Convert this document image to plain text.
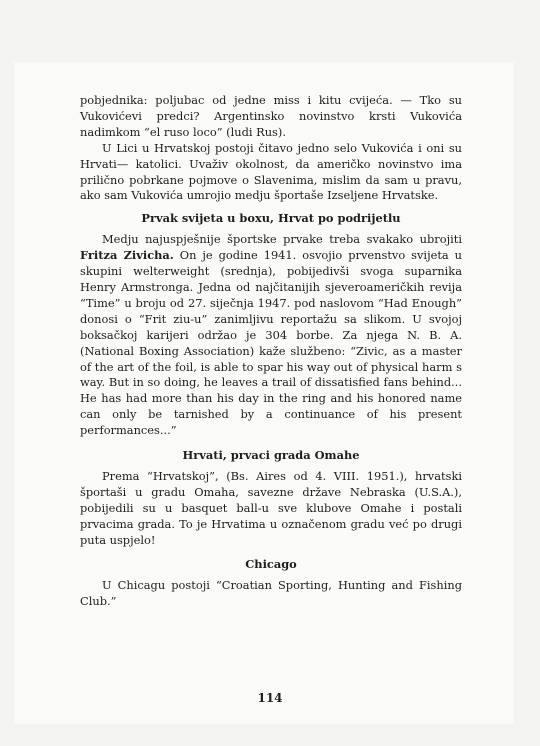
pobjednika: poljubac od jedne miss i kitu cvijeća. — Tko su Vukovićevi predci? Argentinsko novinstvo krsti Vukovića nadimkom “el ruso loco” (ludi Rus).

U Lici u Hrvatskoj postoji čitavo jedno selo Vukovića i oni su Hrvati— katolici. Uvaživ okolnost, da američko novinstvo ima prilično pobrkane pojmove o Slavenima, mislim da sam u pravu, ako sam Vukovića umrojio medju športaše Izseljene Hrvatske.

Prvak svijeta u boxu, Hrvat po podrijetlu

Medju najuspješnije športske prvake treba svakako ubrojiti Fritza Zivicha. On je godine 1941. osvojio prvenstvo svijeta u skupini welterweight (srednja), pobijedivši svoga suparnika Henry Armstronga. Jedna od najčitanijih sjeveroameričkih revija “Time” u broju od 27. siječnja 1947. pod naslovom “Had Enough” donosi o “Frit ziu-u” zanimljivu reportažu sa slikom. U svojoj boksačkoj karijeri održao je 304 borbe. Za njega N. B. A. (National Boxing Association) kaže službeno: “Zivic, as a master of the art of the foil, is able to spar his way out of physical harm s way. But in so doing, he leaves a trail of dissatisfied fans behind... He has had more than his day in the ring and his honored name can only be tarnished by a continuance of his present performances...”

Hrvati, prvaci grada Omahe

Prema “Hrvatskoj”, (Bs. Aires od 4. VIII. 1951.), hrvatski športaši u gradu Omaha, savezne države Nebraska (U.S.A.), pobijedili su u basquet ball-u sve klubove Omahe i postali prvacima grada. To je Hrvatima u označenom gradu već po drugi puta uspjelo!

Chicago

U Chicagu postoji “Croatian Sporting, Hunting and Fishing Club.”

114
